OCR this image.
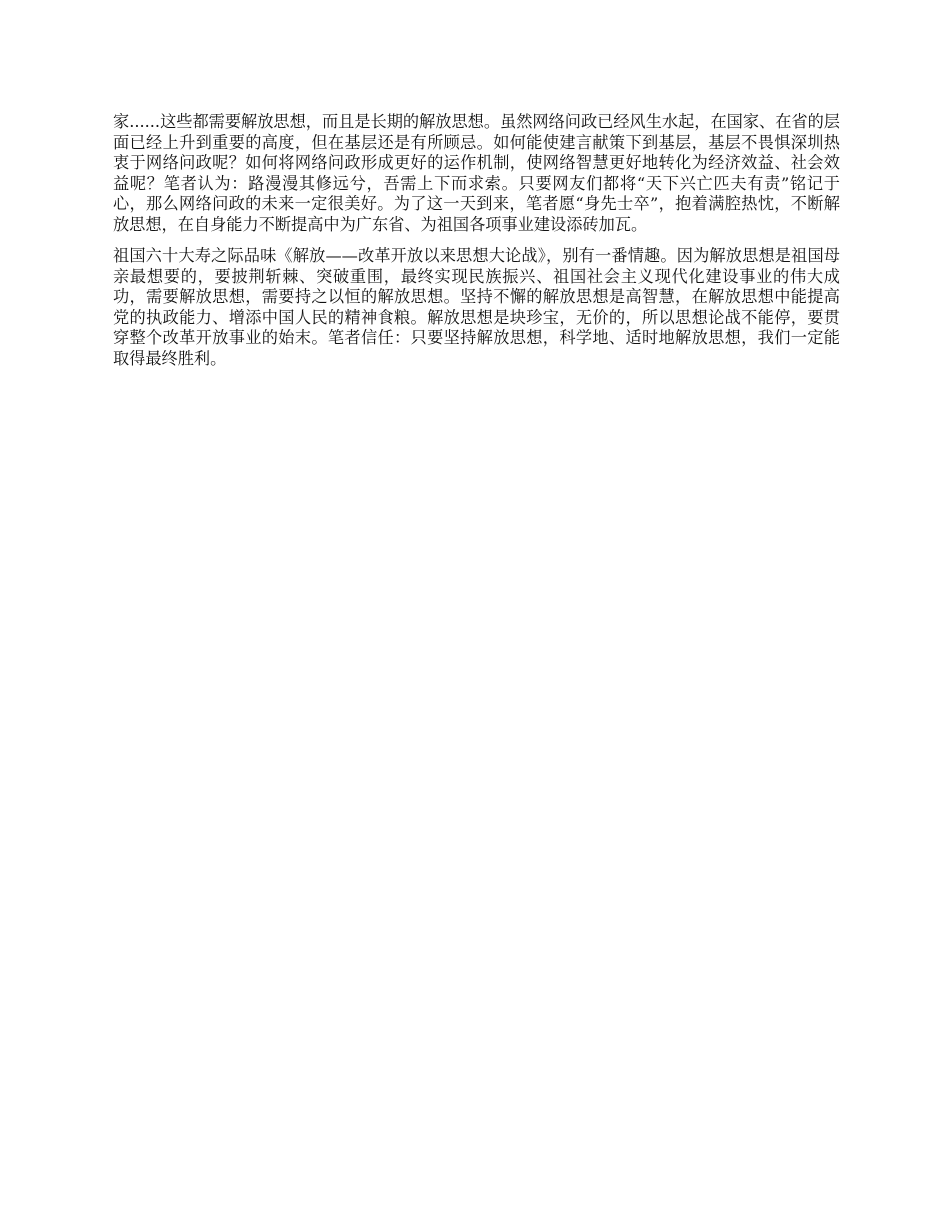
家......这些都需要解放思想，而且是长期的解放思想。虽然网络问政已经风生水起，在国家、在省的层面已经上升到重要的高度，但在基层还是有所顾忌。如何能使建言献策下到基层，基层不畏惧深圳热衷于网络问政呢？如何将网络问政形成更好的运作机制，使网络智慧更好地转化为经济效益、社会效益呢？笔者认为：路漫漫其修远兮，吾需上下而求索。只要网友们都将“天下兴亡匹夫有责”铭记于心，那么网络问政的未来一定很美好。为了这一天到来，笔者愿“身先士卒”，抱着满腔热忱，不断解放思想，在自身能力不断提高中为广东省、为祖国各项事业建设添砖加瓦。

祖国六十大寿之际品味《解放——改革开放以来思想大论战》，别有一番情趣。因为解放思想是祖国母亲最想要的，要披荆斩棘、突破重围，最终实现民族振兴、祖国社会主义现代化建设事业的伟大成功，需要解放思想，需要持之以恒的解放思想。坚持不懈的解放思想是高智慧，在解放思想中能提高党的执政能力、增添中国人民的精神食粮。解放思想是块珍宝，无价的，所以思想论战不能停，要贯穿整个改革开放事业的始末。笔者信任：只要坚持解放思想，科学地、适时地解放思想，我们一定能取得最终胜利。
